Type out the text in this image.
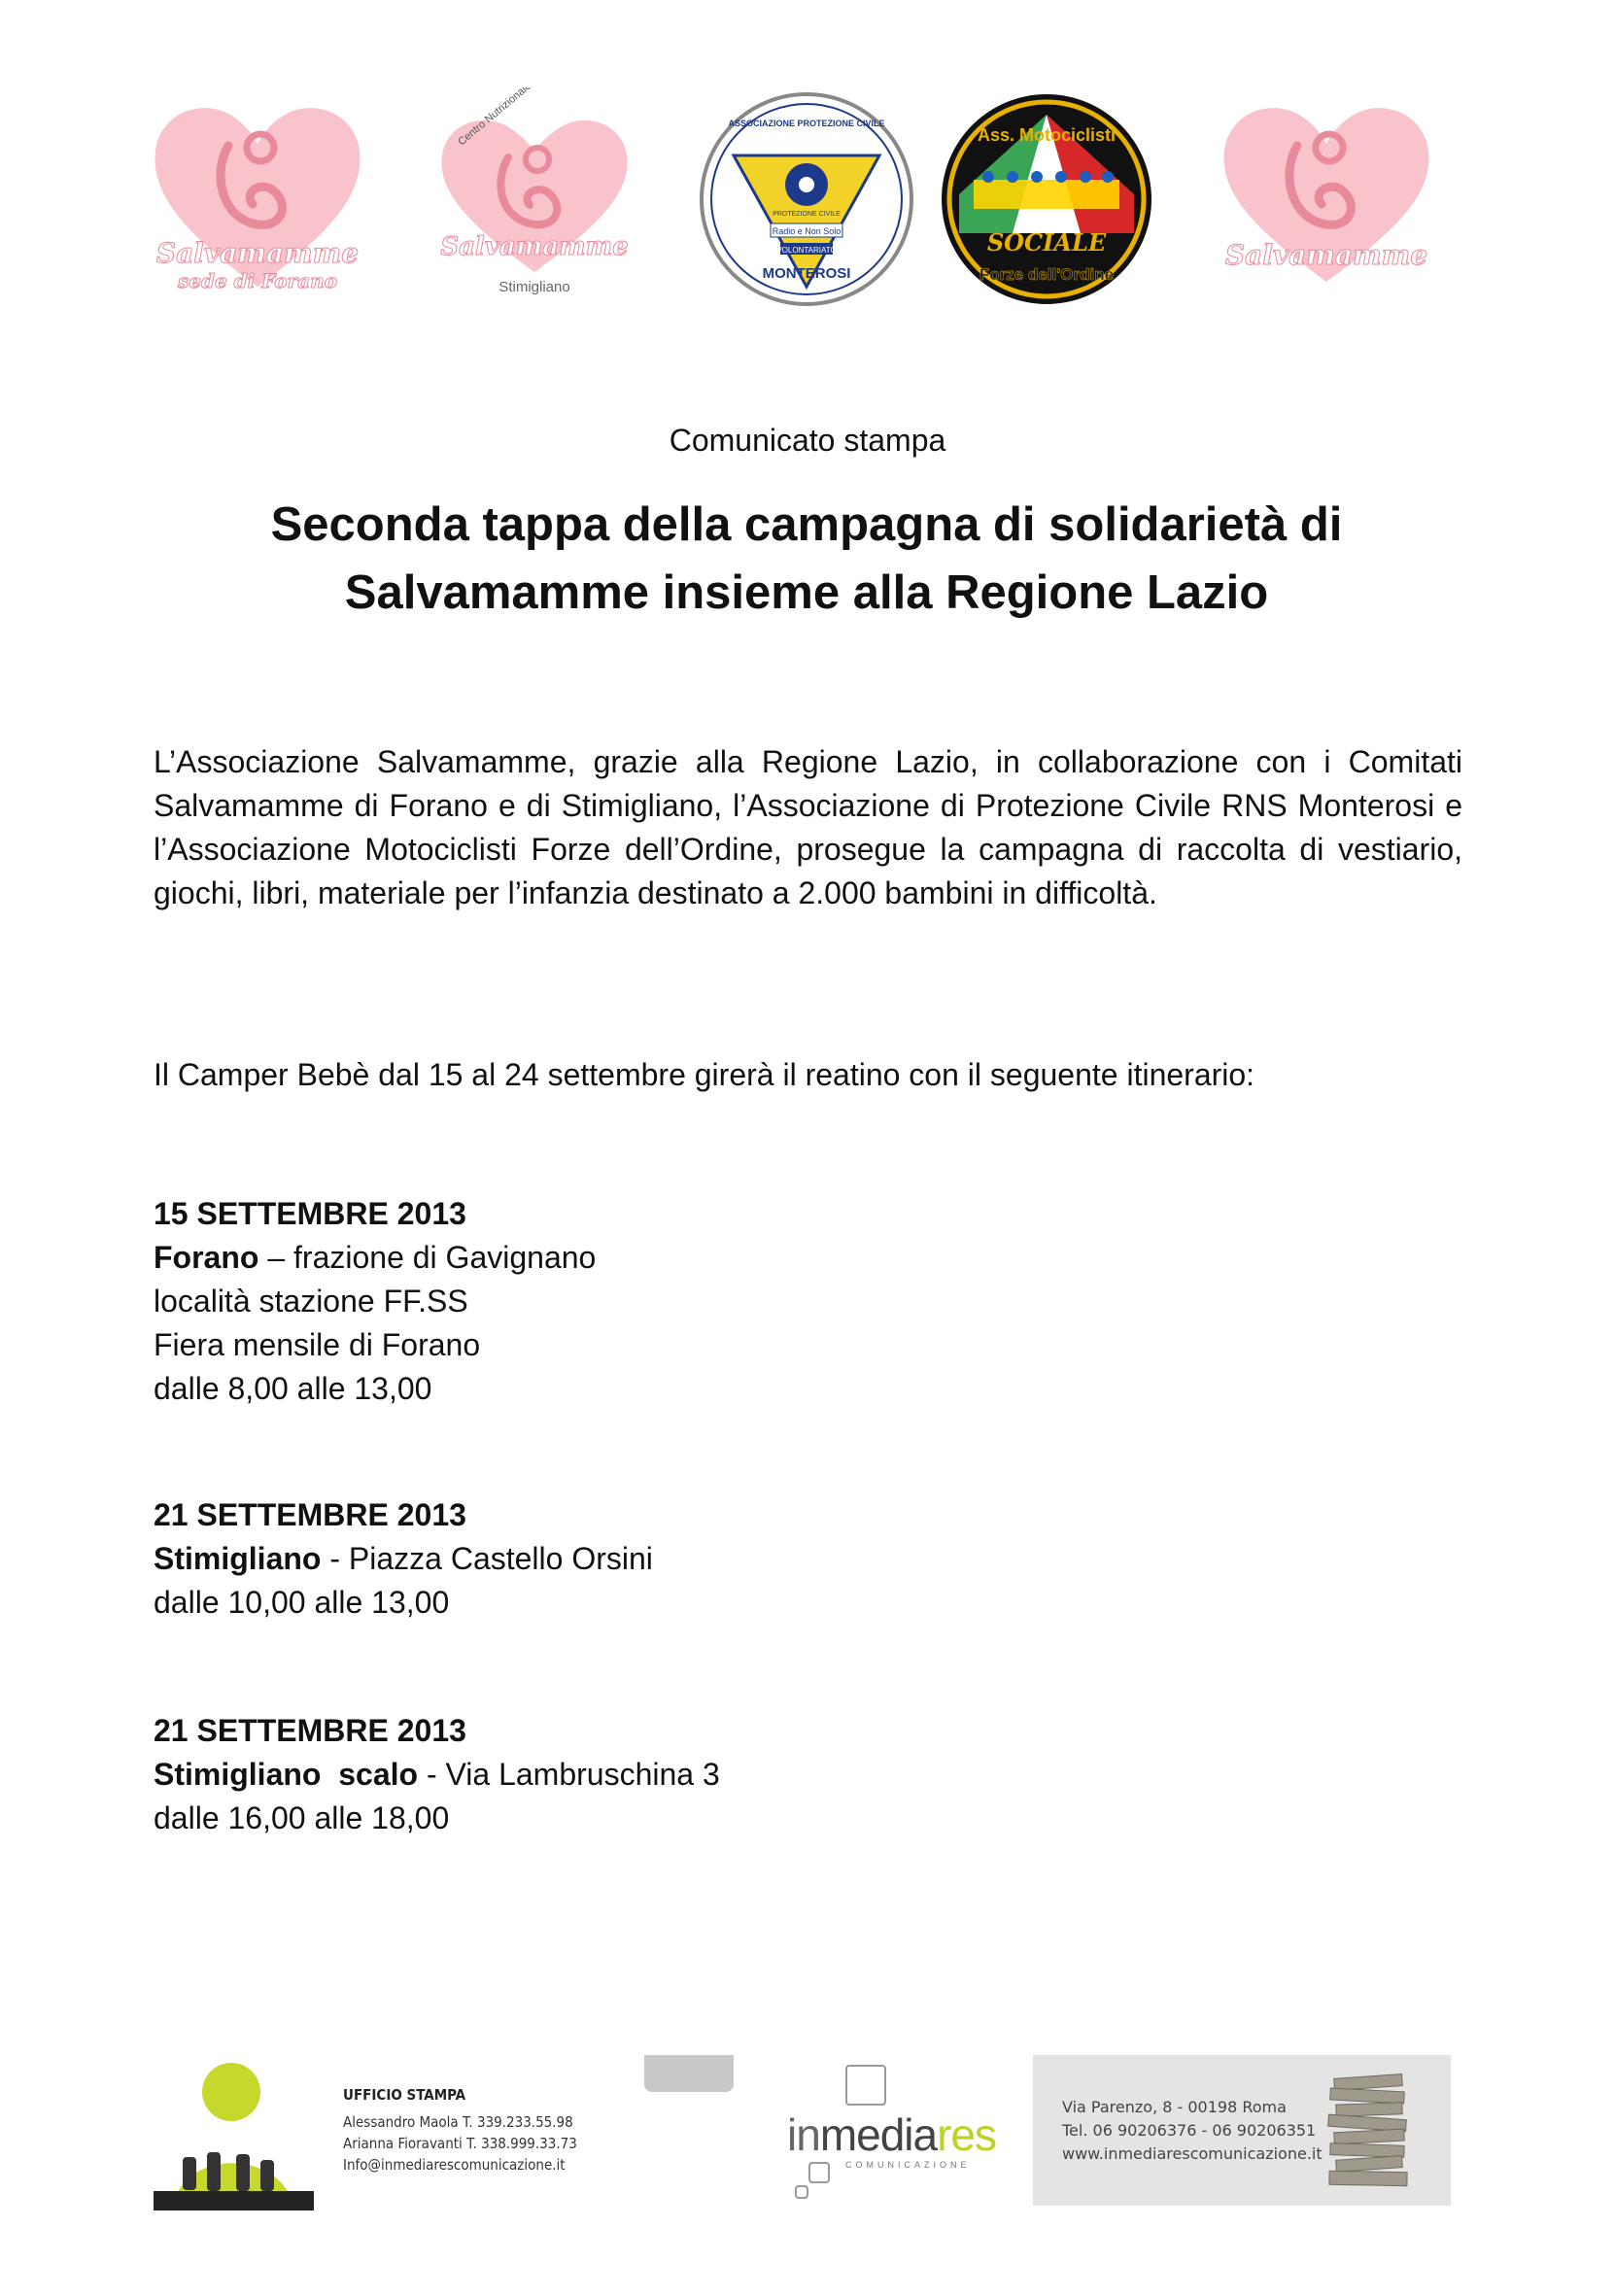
Salvamamme
sede di Forano
Centro Nutrizionale e Boutique Bebè
Salvamamme
Stimigliano
Radio e Non Solo
VOLONTARIATO
ASSOCIAZIONE PROTEZIONE CIVILE
PROTEZIONE CIVILE
MONTEROSI
Ass. Motociclisti
SOCIALE
Forze dell'Ordine
Salvamamme
Comunicato stampa
Seconda tappa della campagna di solidarietà di
Salvamamme insieme alla Regione Lazio
L’Associazione Salvamamme, grazie alla Regione Lazio, in collaborazione con i Comitati Salvamamme di Forano e di Stimigliano, l’Associazione di Protezione Civile RNS Monterosi e l’Associazione Motociclisti Forze dell’Ordine, prosegue la campagna di raccolta di vestiario, giochi, libri, materiale per l’infanzia destinato a 2.000 bambini in difficoltà.
Il Camper Bebè dal 15 al 24 settembre girerà il reatino con il seguente itinerario:
15 SETTEMBRE 2013
Forano – frazione di Gavignano
località stazione FF.SS
Fiera mensile di Forano
dalle 8,00 alle 13,00
21 SETTEMBRE 2013
Stimigliano - Piazza Castello Orsini
dalle 10,00 alle 13,00
21 SETTEMBRE 2013
Stimigliano  scalo - Via Lambruschina 3
dalle 16,00 alle 18,00
UFFICIO STAMPA
Alessandro Maola T. 339.233.55.98
Arianna Fioravanti T. 338.999.33.73
Info@inmediarescomunicazione.it
inmediares
COMUNICAZIONE
Via Parenzo, 8 - 00198 Roma
Tel. 06 90206376 - 06 90206351
www.inmediarescomunicazione.it
